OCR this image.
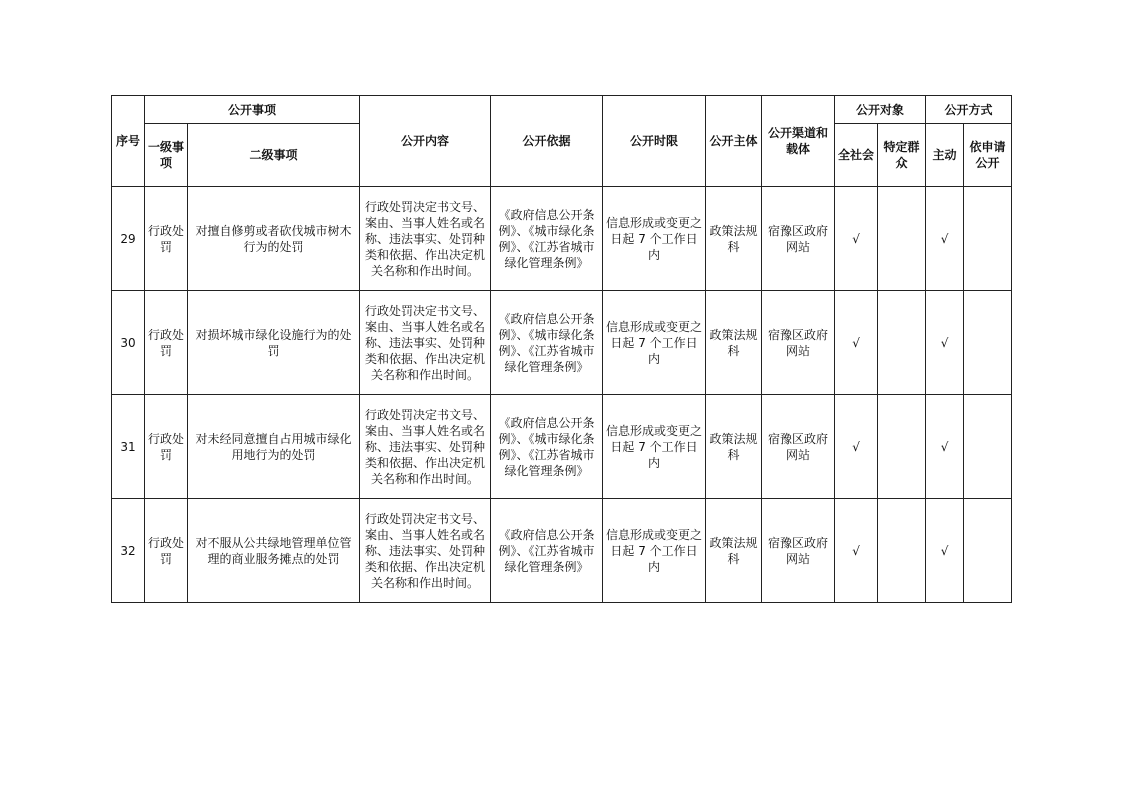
序号	公开事项		公开内容	公开依据	公开时限	公开主体	公开渠道和载体	公开对象		公开方式	
	一级事项	二级事项						全社会	特定群众	主动	依申请公开
29	行政处罚	对擅自修剪或者砍伐城市树木行为的处罚	行政处罚决定书文号、案由、当事人姓名或名称、违法事实、处罚种类和依据、作出决定机关名称和作出时间。	《政府信息公开条例》、《城市绿化条例》、《江苏省城市绿化管理条例》	信息形成或变更之日起 7 个工作日内	政策法规科	宿豫区政府网站	√		√	
30	行政处罚	对损坏城市绿化设施行为的处罚	行政处罚决定书文号、案由、当事人姓名或名称、违法事实、处罚种类和依据、作出决定机关名称和作出时间。	《政府信息公开条例》、《城市绿化条例》、《江苏省城市绿化管理条例》	信息形成或变更之日起 7 个工作日内	政策法规科	宿豫区政府网站	√		√	
31	行政处罚	对未经同意擅自占用城市绿化用地行为的处罚	行政处罚决定书文号、案由、当事人姓名或名称、违法事实、处罚种类和依据、作出决定机关名称和作出时间。	《政府信息公开条例》、《城市绿化条例》、《江苏省城市绿化管理条例》	信息形成或变更之日起 7 个工作日内	政策法规科	宿豫区政府网站	√		√	
32	行政处罚	对不服从公共绿地管理单位管理的商业服务摊点的处罚	行政处罚决定书文号、案由、当事人姓名或名称、违法事实、处罚种类和依据、作出决定机关名称和作出时间。	《政府信息公开条例》、《江苏省城市绿化管理条例》	信息形成或变更之日起 7 个工作日内	政策法规科	宿豫区政府网站	√		√	
